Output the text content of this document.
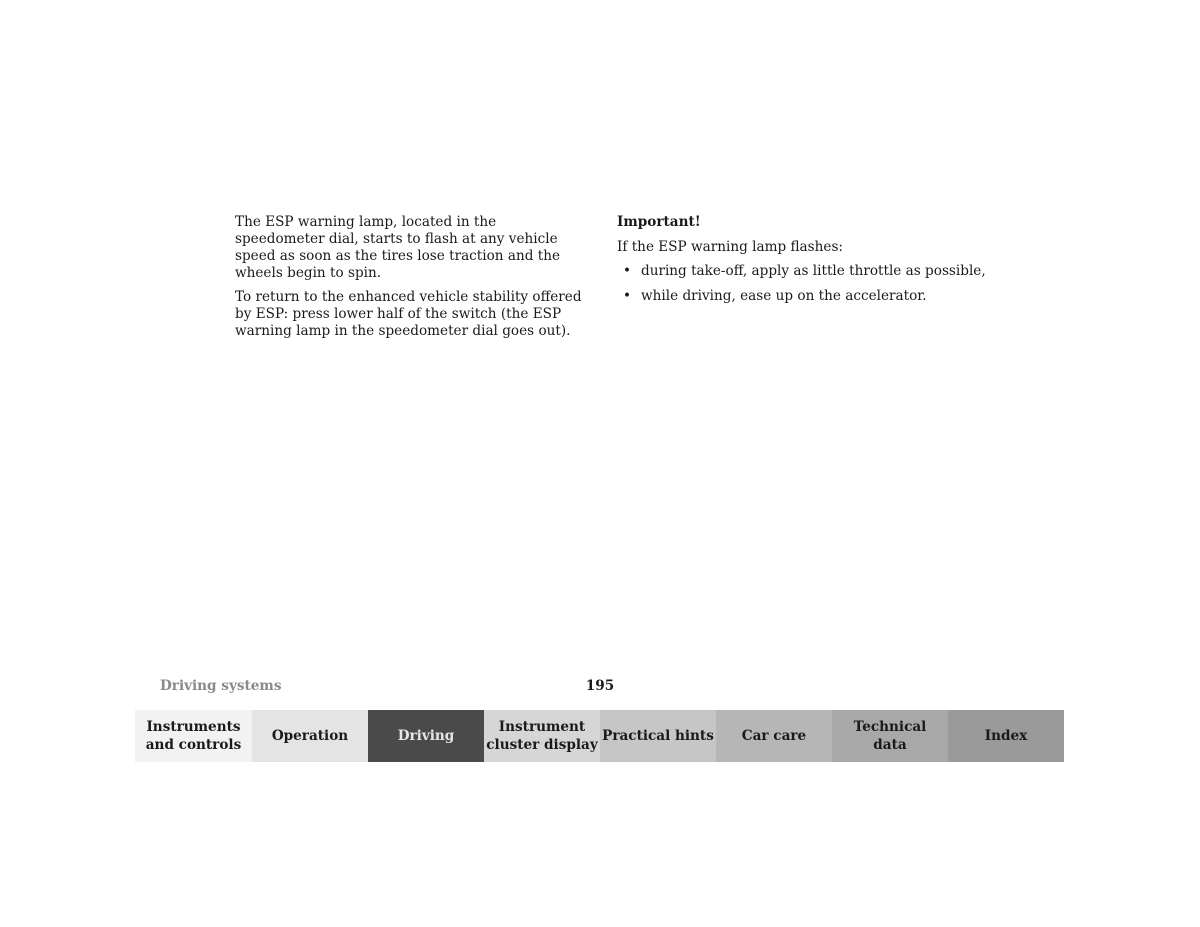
The ESP warning lamp, located in the speedometer dial, starts to flash at any vehicle speed as soon as the tires lose traction and the wheels begin to spin.

To return to the enhanced vehicle stability offered by ESP: press lower half of the switch (the ESP warning lamp in the speedometer dial goes out).

Important!

If the ESP warning lamp flashes:

• during take-off, apply as little throttle as possible,
• while driving, ease up on the accelerator.
Driving systems	195
Instruments
and controls
Operation	Driving
Instrument
cluster display
Practical hints Car care
Technical
data
Index
